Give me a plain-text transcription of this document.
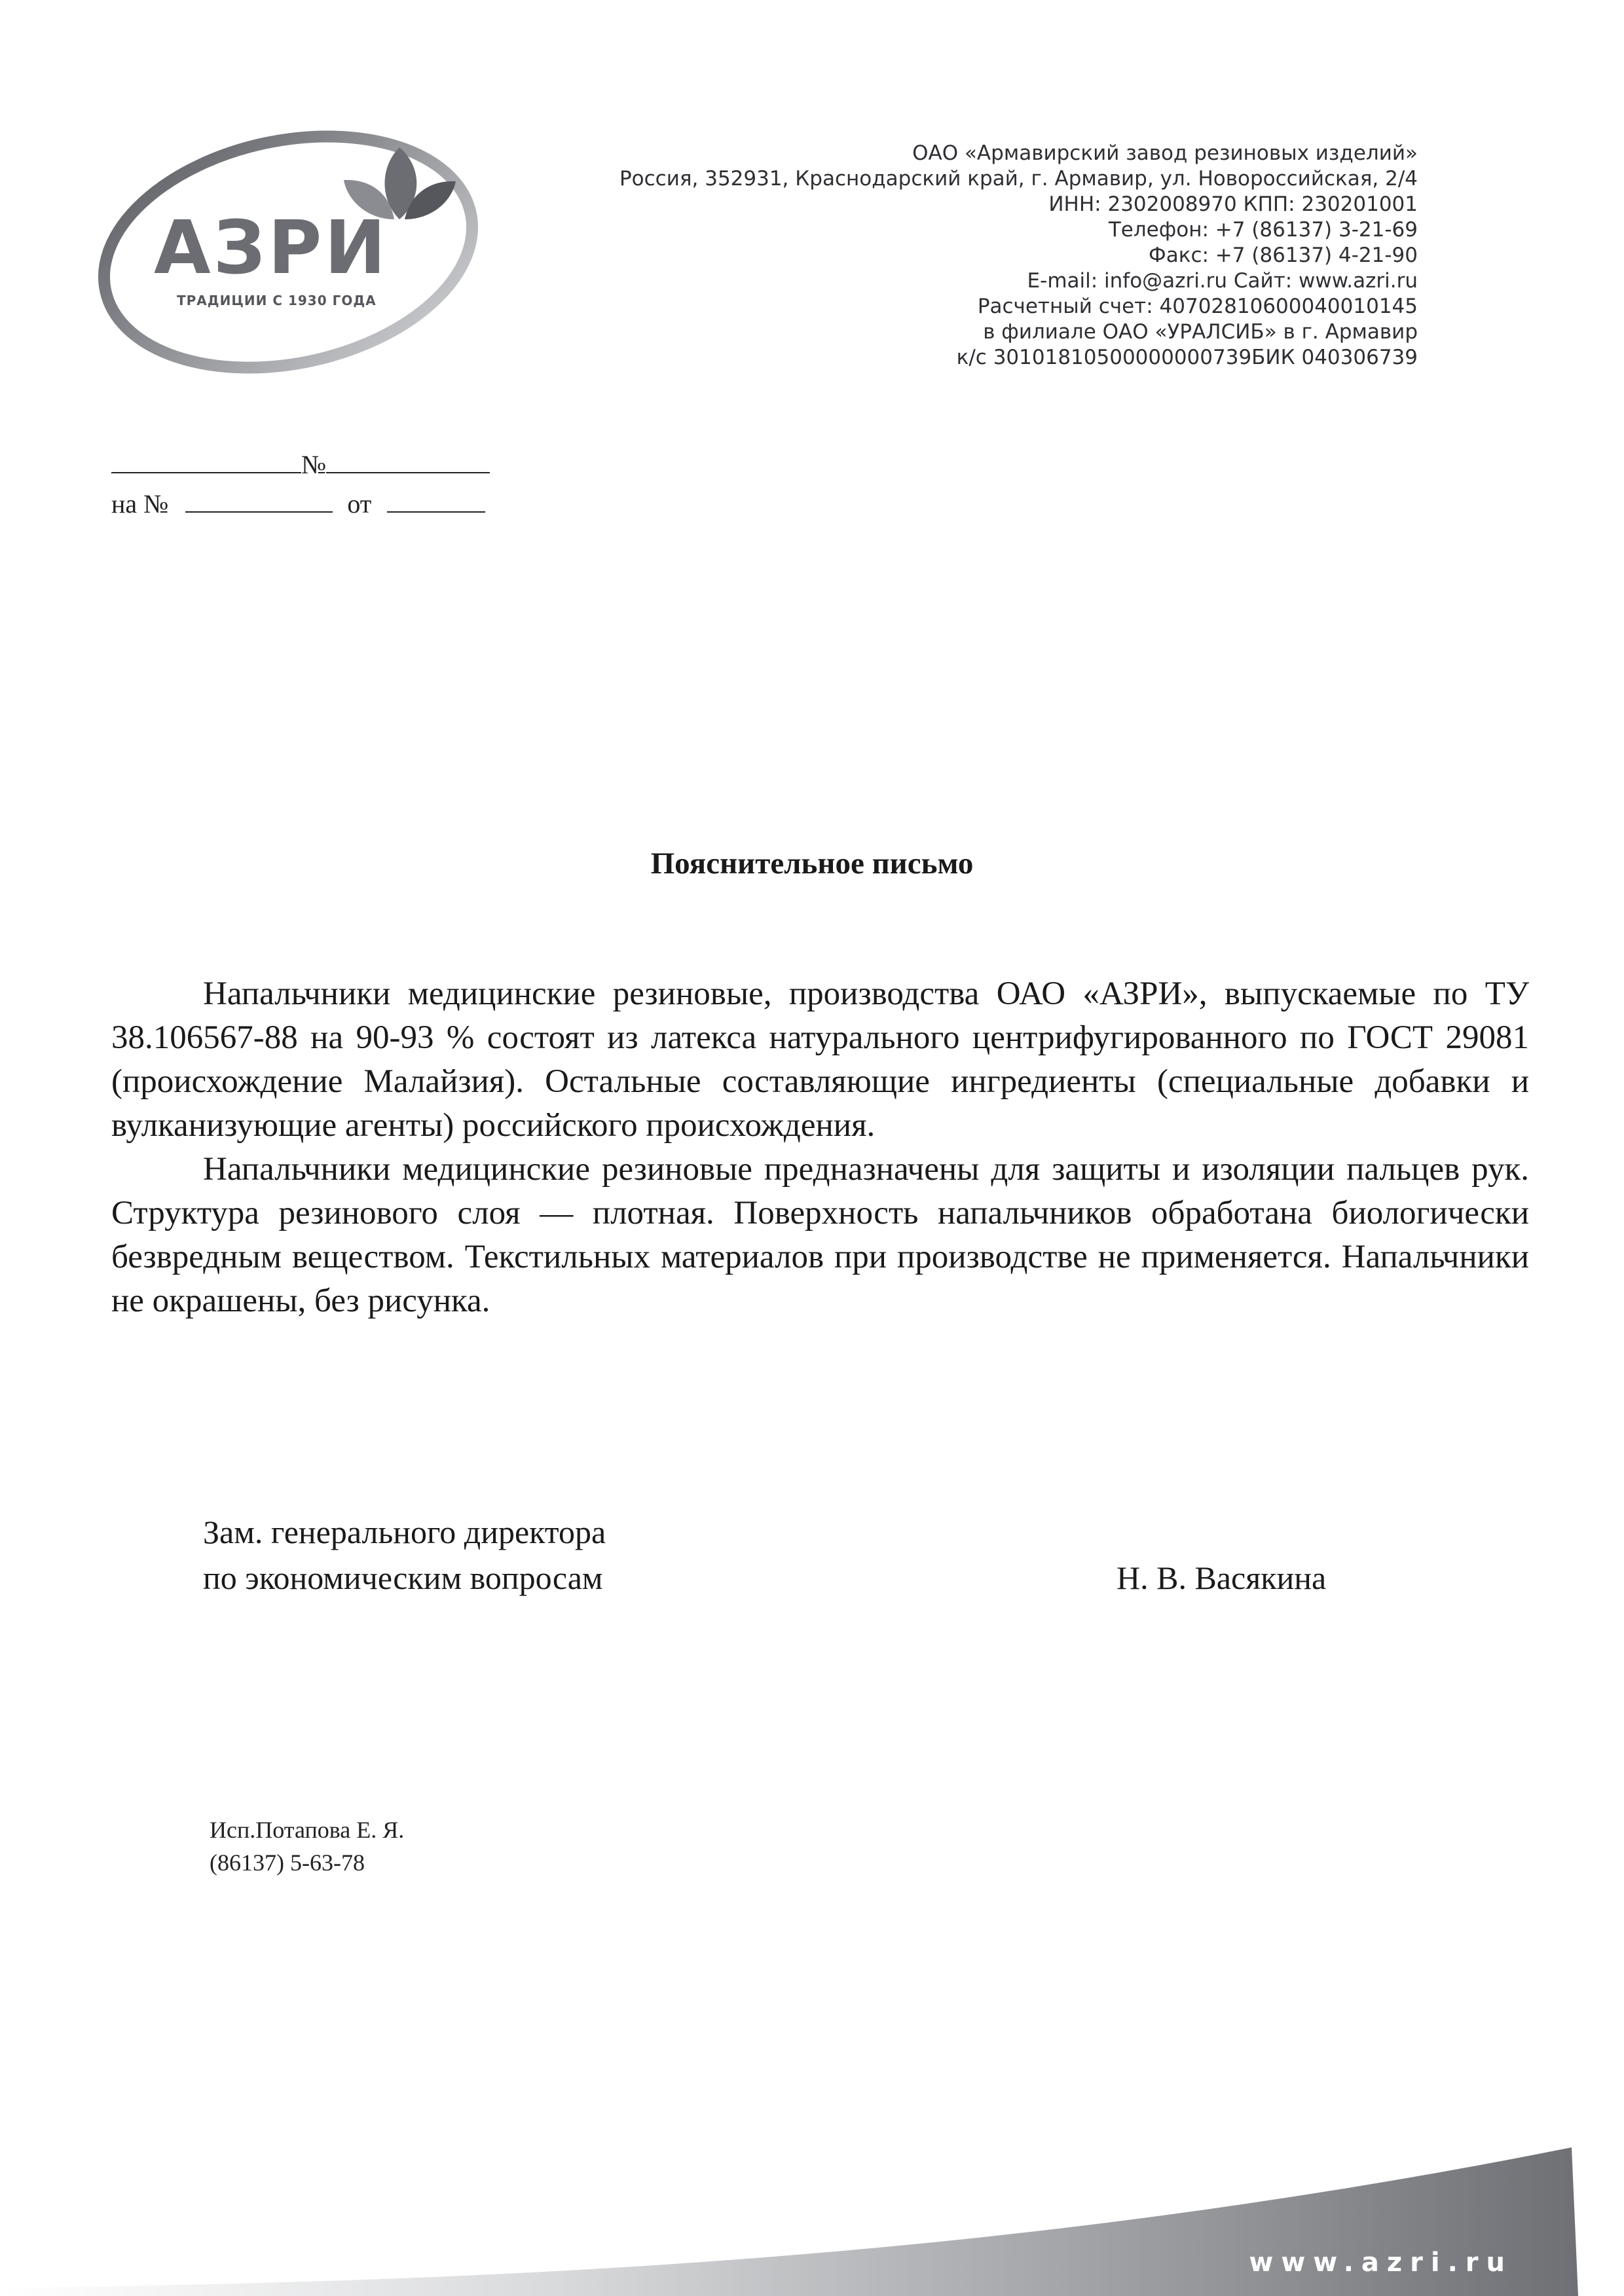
АЗРИ
ТРАДИЦИИ С 1930 ГОДА
ОАО «Армавирский завод резиновых изделий»
Россия, 352931, Краснодарский край, г. Армавир, ул. Новороссийская, 2/4
ИНН: 2302008970 КПП: 230201001
Телефон: +7 (86137) 3-21-69
Факс: +7 (86137) 4-21-90
E-mail: info@azri.ru Сайт: www.azri.ru
Расчетный счет: 40702810600040010145
в филиале ОАО «УРАЛСИБ» в г. Армавир
к/с 30101810500000000739БИК 040306739
№
на №	от
Пояснительное письмо

Напальчники медицинские резиновые, производства ОАО «АЗРИ», выпускаемые по ТУ 38.106567-88 на 90-93 % состоят из латекса натурального центрифугированного по ГОСТ 29081 (происхождение Малайзия). Остальные составляющие ингредиенты (специальные добавки и вулканизующие агенты) российского происхождения.

Напальчники медицинские резиновые предназначены для защиты и изоляции пальцев рук. Структура резинового слоя — плотная. Поверхность напальчников обработана биологически безвредным веществом. Текстильных материалов при производстве не применяется. Напальчники не окрашены, без рисунка.

Зам. генерального директора
по экономическим вопросам	Н. В. Васякина
Исп.Потапова Е. Я.
(86137) 5-63-78
www.azri.ru
